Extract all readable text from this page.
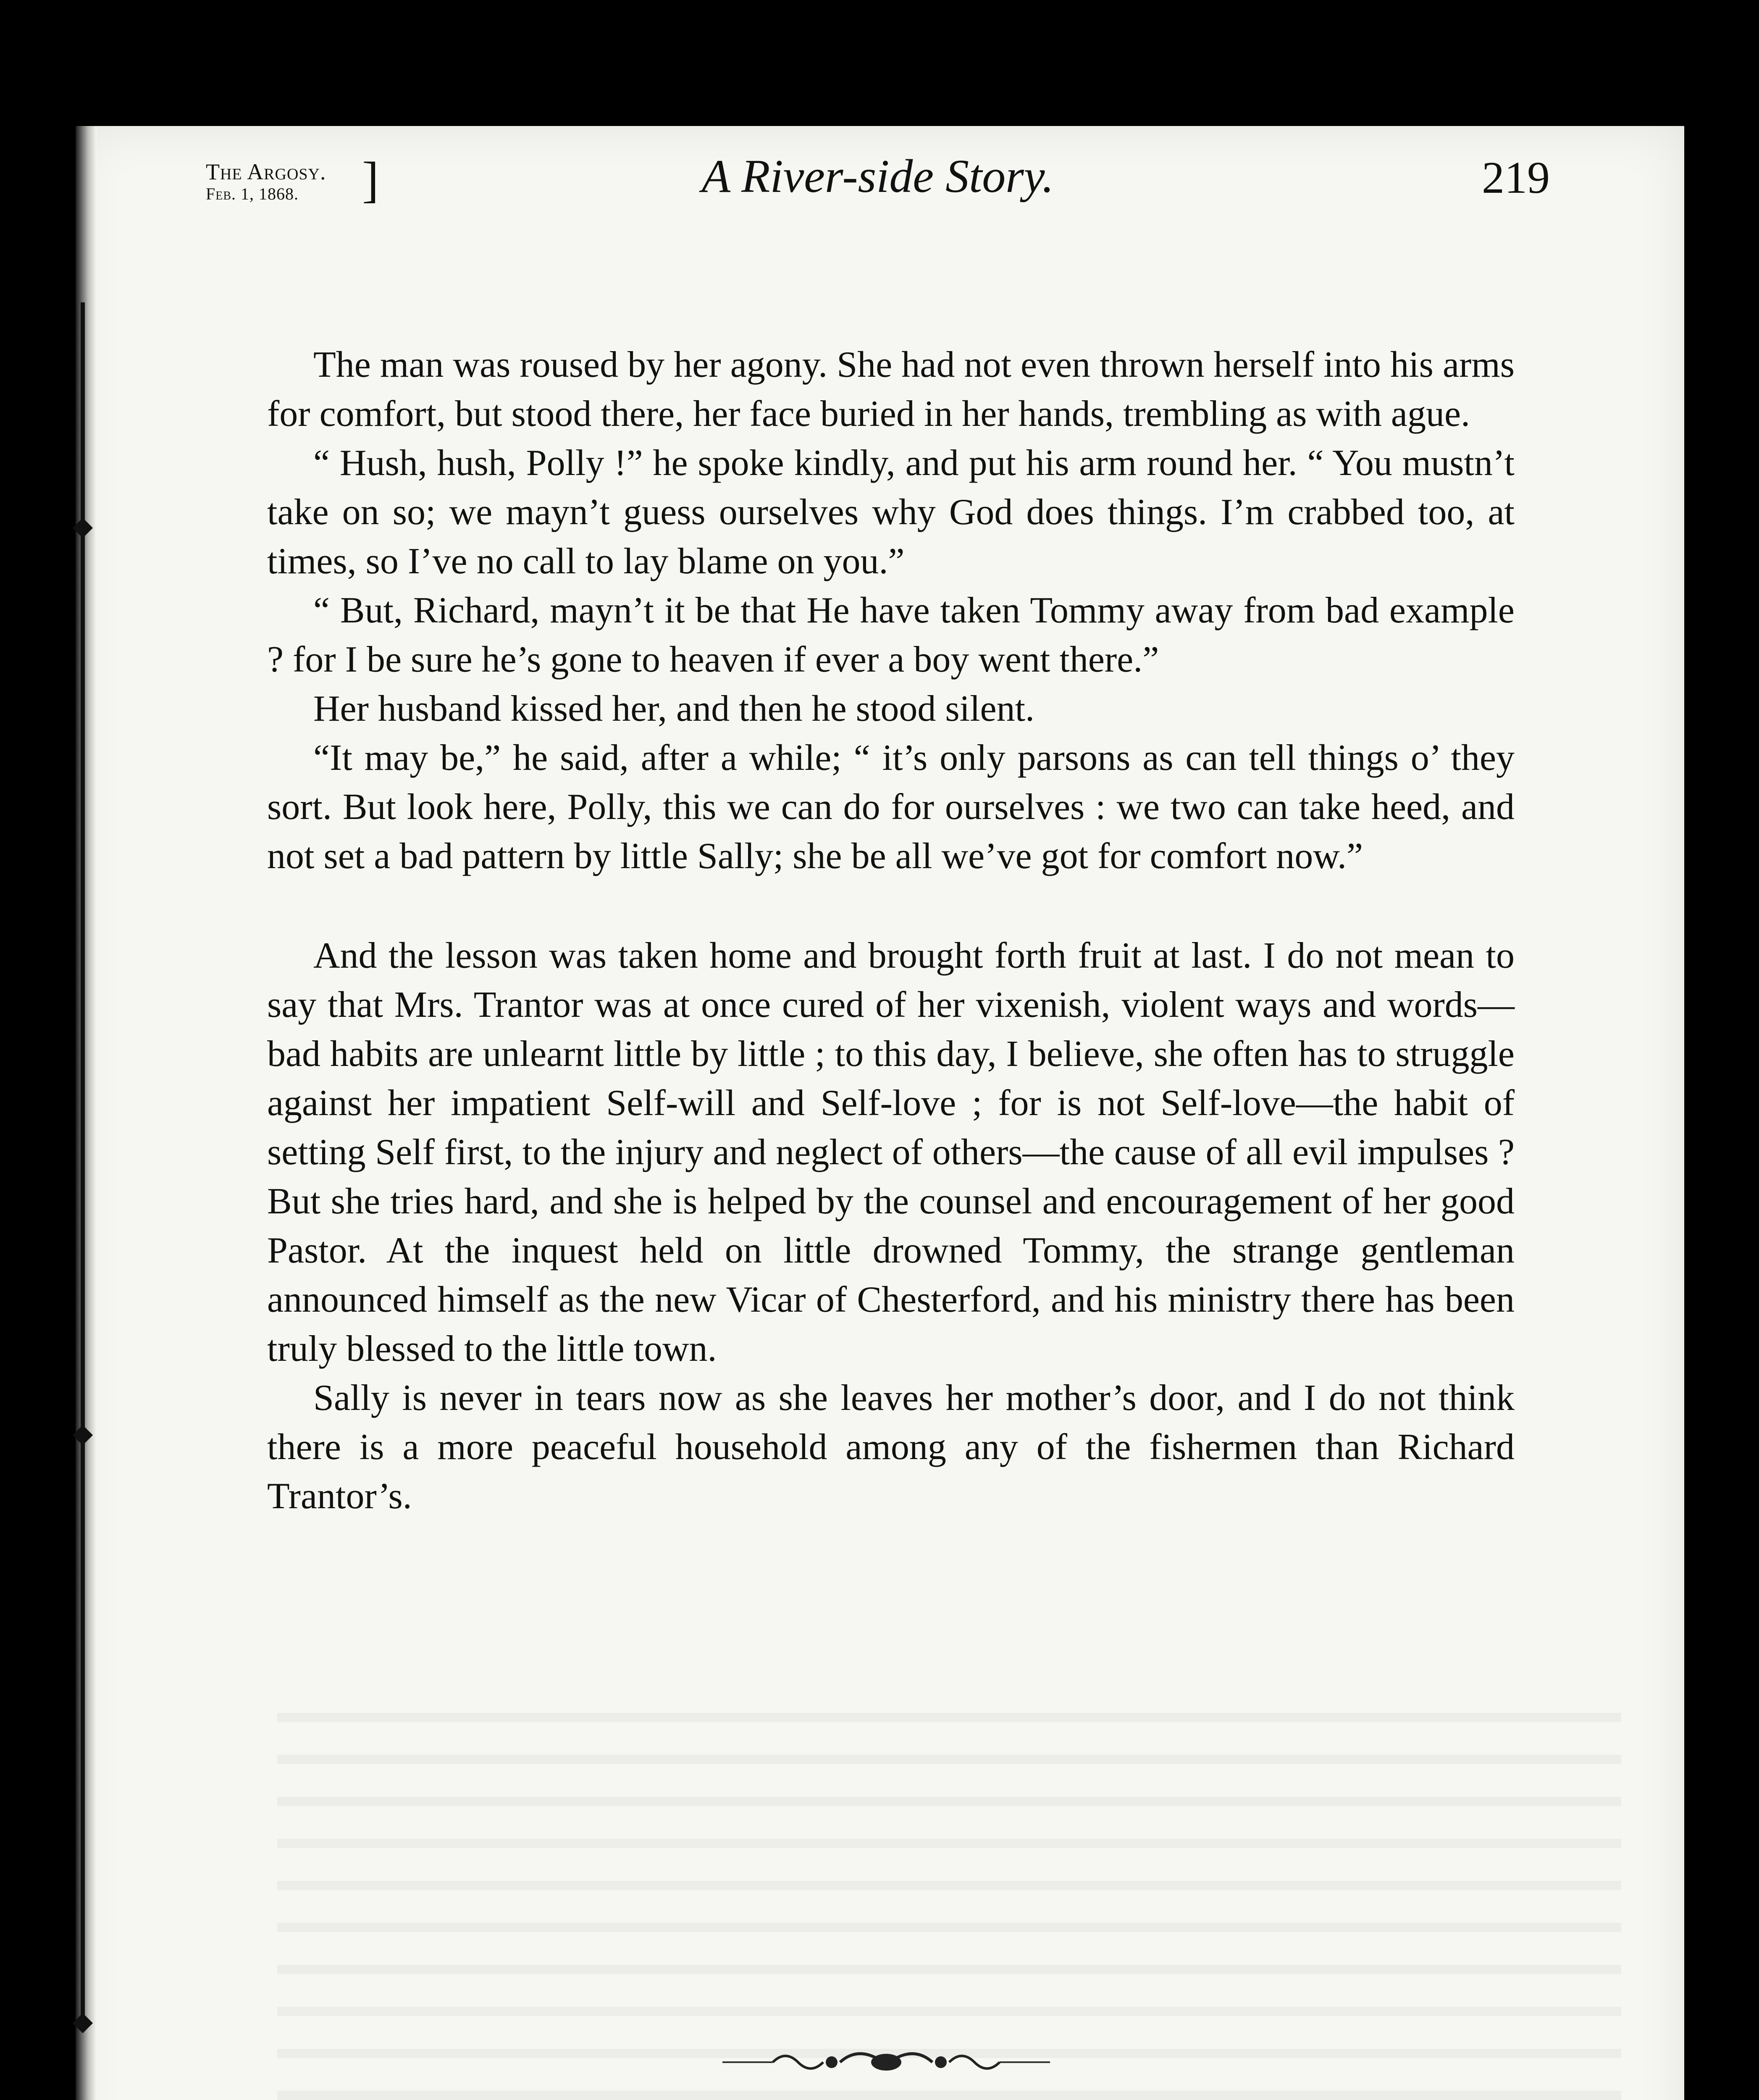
The Argosy.
Feb. 1, 1868.	]	A River-side Story.	219

The man was roused by her agony. She had not even thrown herself into his arms for comfort, but stood there, her face buried in her hands, trembling as with ague.

“ Hush, hush, Polly !” he spoke kindly, and put his arm round her. “ You mustn’t take on so; we mayn’t guess ourselves why God does things. I’m crabbed too, at times, so I’ve no call to lay blame on you.”

“ But, Richard, mayn’t it be that He have taken Tommy away from bad example ? for I be sure he’s gone to heaven if ever a boy went there.”

Her husband kissed her, and then he stood silent.

“It may be,” he said, after a while; “ it’s only parsons as can tell things o’ they sort. But look here, Polly, this we can do for ourselves : we two can take heed, and not set a bad pattern by little Sally; she be all we’ve got for comfort now.”

And the lesson was taken home and brought forth fruit at last. I do not mean to say that Mrs. Trantor was at once cured of her vixenish, violent ways and words—bad habits are unlearnt little by little ; to this day, I believe, she often has to struggle against her impatient Self-will and Self-love ; for is not Self-love—the habit of setting Self first, to the injury and neglect of others—the cause of all evil impulses ? But she tries hard, and she is helped by the counsel and encouragement of her good Pastor. At the inquest held on little drowned Tommy, the strange gentleman announced himself as the new Vicar of Chesterford, and his ministry there has been truly blessed to the little town.

Sally is never in tears now as she leaves her mother’s door, and I do not think there is a more peaceful household among any of the fishermen than Richard Trantor’s.
